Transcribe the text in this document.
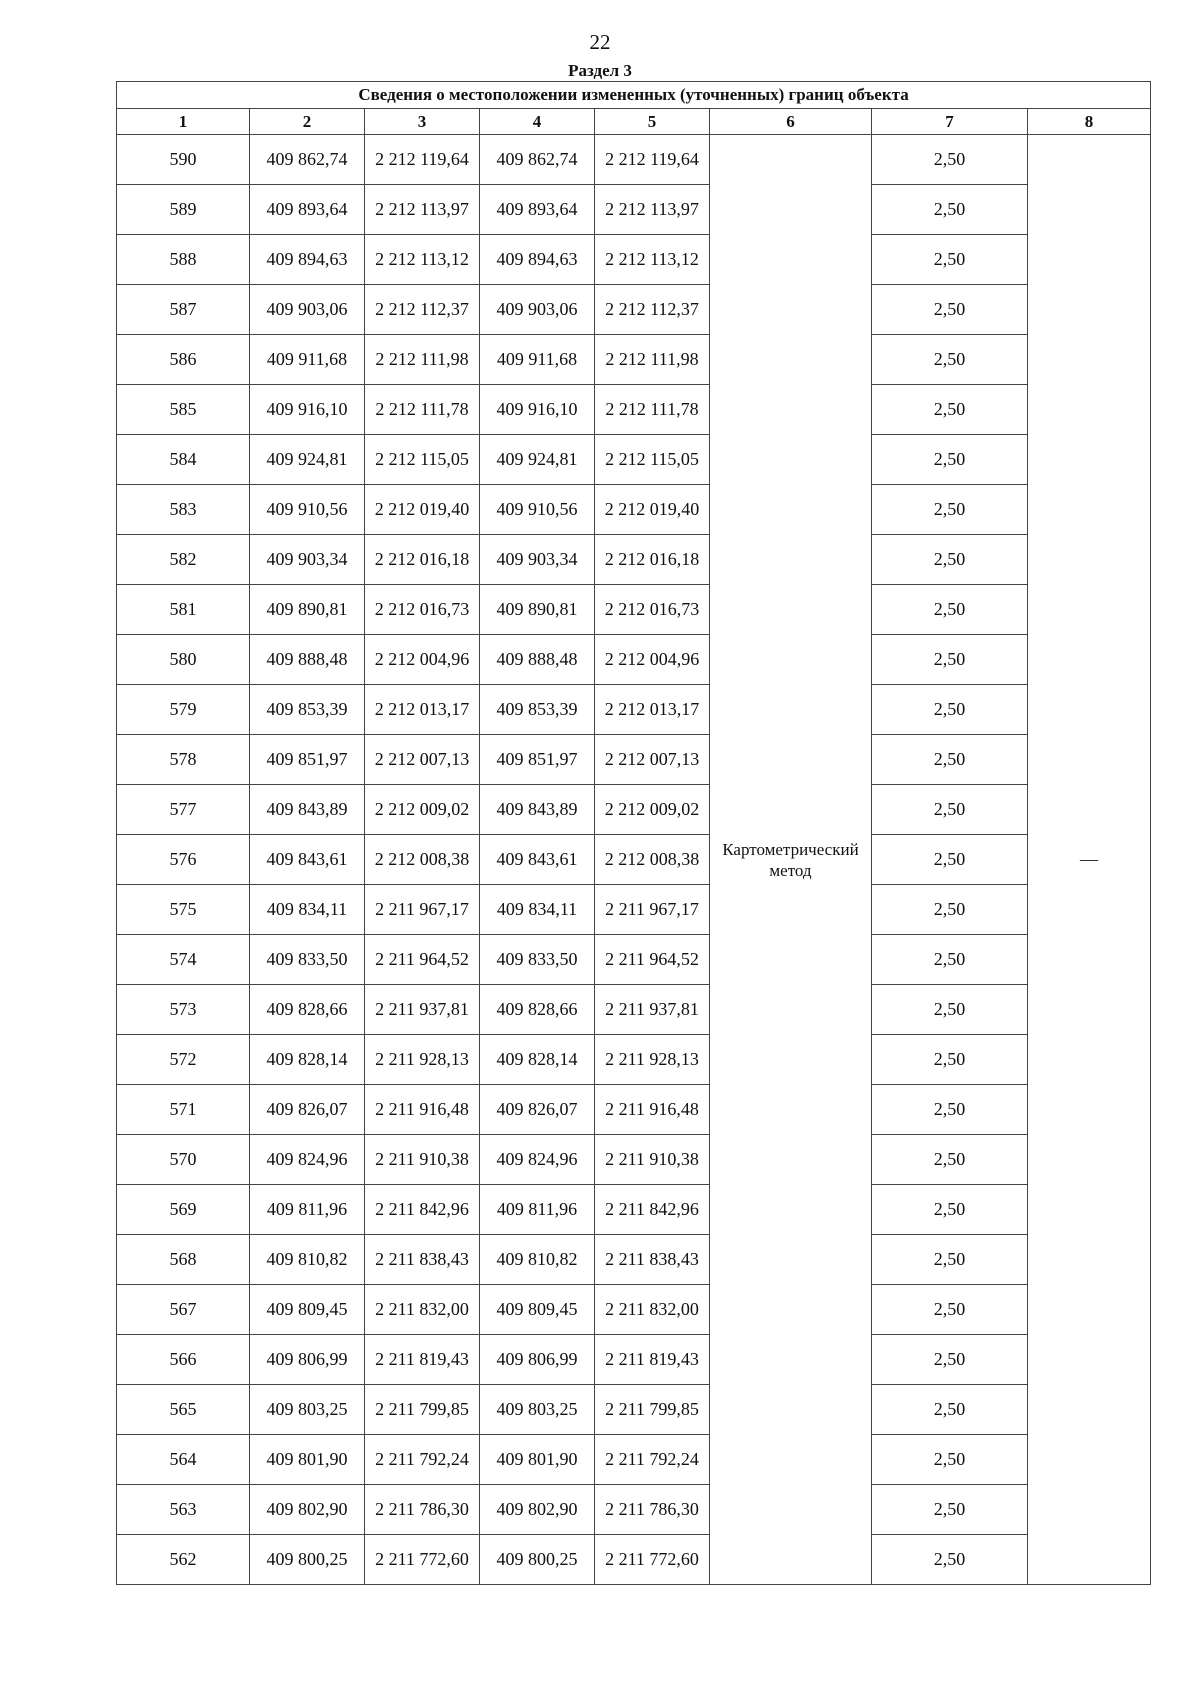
22
Раздел 3
Сведения о местоположении измененных (уточненных) границ объекта							
1	2	3	4	5	6	7	8
590	409 862,74	2 212 119,64	409 862,74	2 212 119,64	Картометрический метод	2,50	—
589	409 893,64	2 212 113,97	409 893,64	2 212 113,97		2,50	
588	409 894,63	2 212 113,12	409 894,63	2 212 113,12		2,50	
587	409 903,06	2 212 112,37	409 903,06	2 212 112,37		2,50	
586	409 911,68	2 212 111,98	409 911,68	2 212 111,98		2,50	
585	409 916,10	2 212 111,78	409 916,10	2 212 111,78		2,50	
584	409 924,81	2 212 115,05	409 924,81	2 212 115,05		2,50	
583	409 910,56	2 212 019,40	409 910,56	2 212 019,40		2,50	
582	409 903,34	2 212 016,18	409 903,34	2 212 016,18		2,50	
581	409 890,81	2 212 016,73	409 890,81	2 212 016,73		2,50	
580	409 888,48	2 212 004,96	409 888,48	2 212 004,96		2,50	
579	409 853,39	2 212 013,17	409 853,39	2 212 013,17		2,50	
578	409 851,97	2 212 007,13	409 851,97	2 212 007,13		2,50	
577	409 843,89	2 212 009,02	409 843,89	2 212 009,02		2,50	
576	409 843,61	2 212 008,38	409 843,61	2 212 008,38		2,50	
575	409 834,11	2 211 967,17	409 834,11	2 211 967,17		2,50	
574	409 833,50	2 211 964,52	409 833,50	2 211 964,52		2,50	
573	409 828,66	2 211 937,81	409 828,66	2 211 937,81		2,50	
572	409 828,14	2 211 928,13	409 828,14	2 211 928,13		2,50	
571	409 826,07	2 211 916,48	409 826,07	2 211 916,48		2,50	
570	409 824,96	2 211 910,38	409 824,96	2 211 910,38		2,50	
569	409 811,96	2 211 842,96	409 811,96	2 211 842,96		2,50	
568	409 810,82	2 211 838,43	409 810,82	2 211 838,43		2,50	
567	409 809,45	2 211 832,00	409 809,45	2 211 832,00		2,50	
566	409 806,99	2 211 819,43	409 806,99	2 211 819,43		2,50	
565	409 803,25	2 211 799,85	409 803,25	2 211 799,85		2,50	
564	409 801,90	2 211 792,24	409 801,90	2 211 792,24		2,50	
563	409 802,90	2 211 786,30	409 802,90	2 211 786,30		2,50	
562	409 800,25	2 211 772,60	409 800,25	2 211 772,60		2,50	
